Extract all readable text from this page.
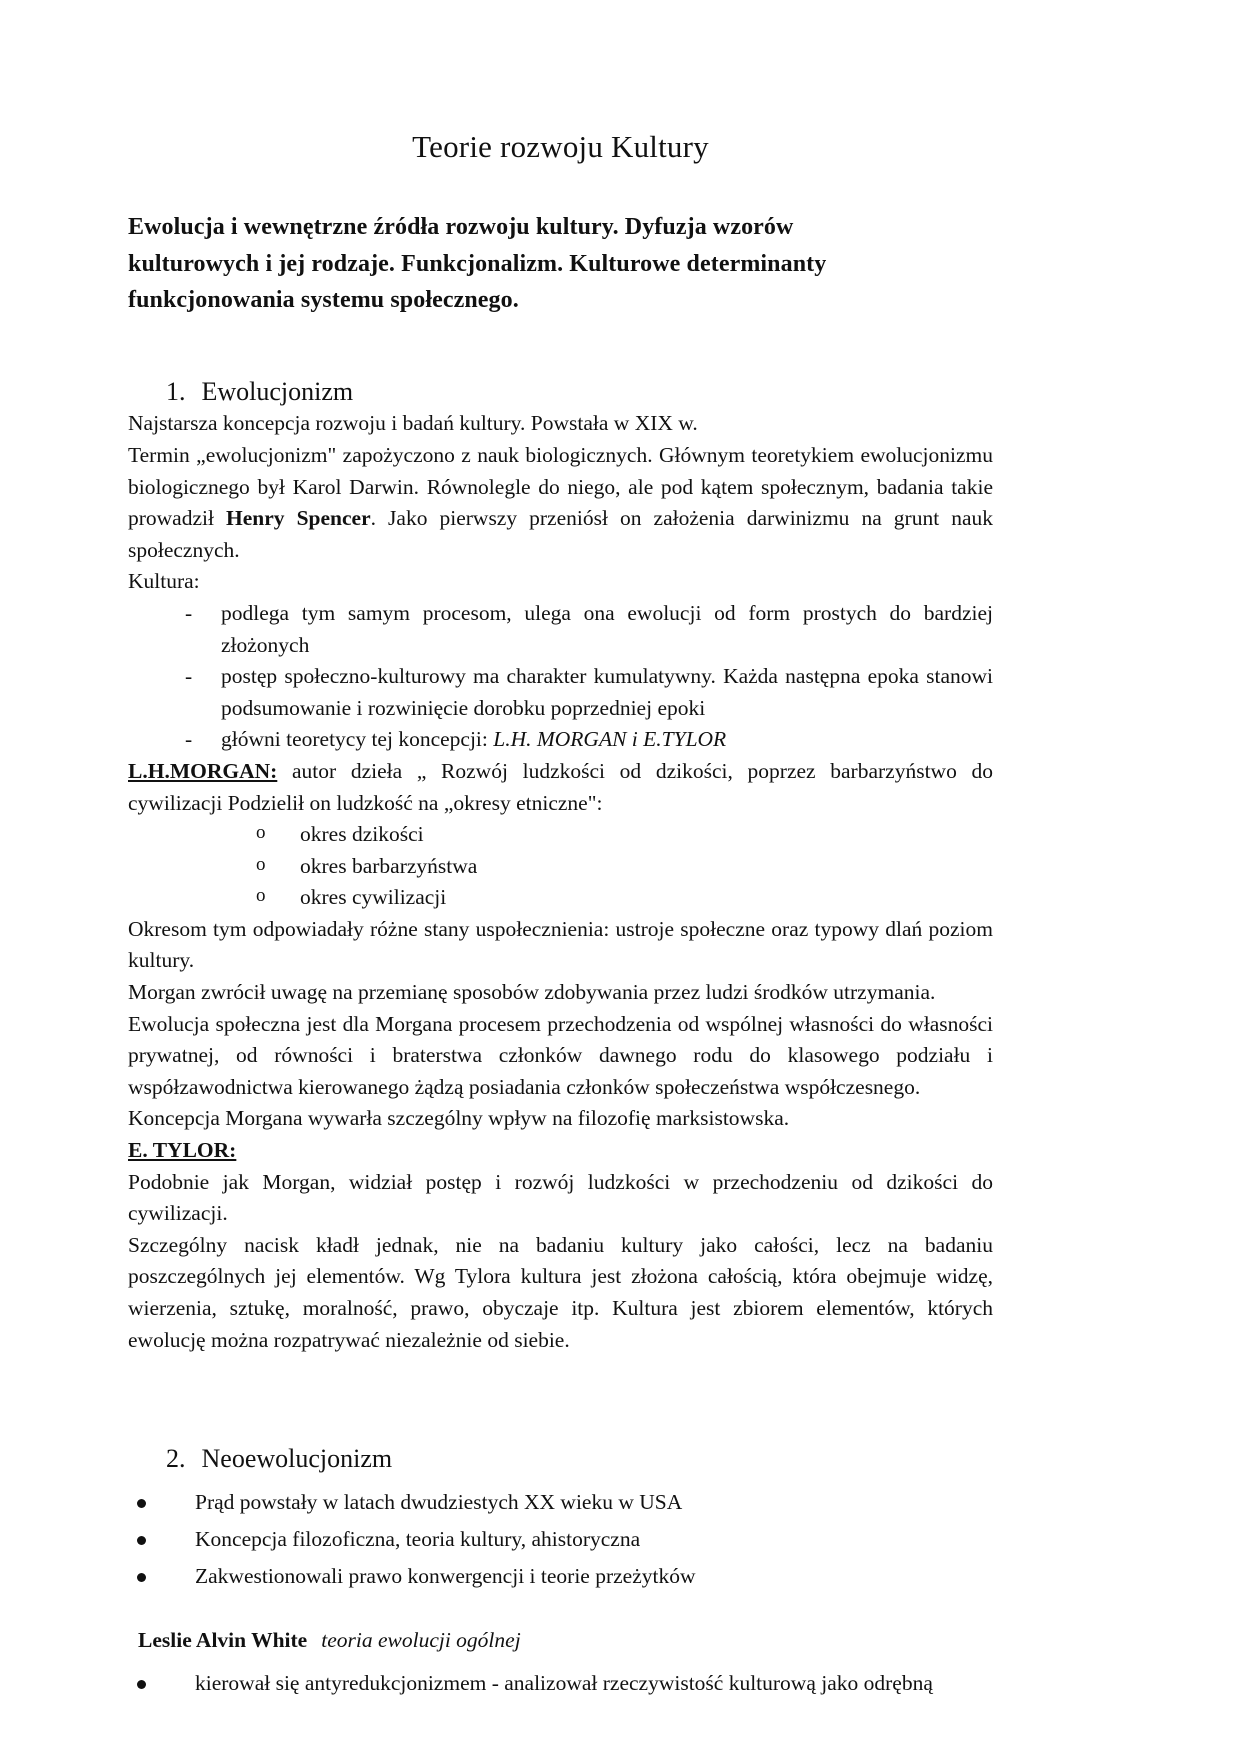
Teorie rozwoju Kultury
Ewolucja i wewnętrzne źródła rozwoju kultury. Dyfuzja wzorów
kulturowych i jej rodzaje. Funkcjonalizm. Kulturowe determinanty
funkcjonowania systemu społecznego.
1. Ewolucjonizm

Najstarsza koncepcja rozwoju i badań kultury. Powstała w XIX w.

Termin „ewolucjonizm" zapożyczono z nauk biologicznych. Głównym teoretykiem ewolucjonizmu biologicznego był Karol Darwin. Równolegle do niego, ale pod kątem społecznym, badania takie prowadził Henry Spencer. Jako pierwszy przeniósł on założenia darwinizmu na grunt nauk społecznych.

Kultura:

- podlega tym samym procesom, ulega ona ewolucji od form prostych do bardziej złożonych
- postęp społeczno-kulturowy ma charakter kumulatywny. Każda następna epoka stanowi podsumowanie i rozwinięcie dorobku poprzedniej epoki
- główni teoretycy tej koncepcji: L.H. MORGAN i E.TYLOR

L.H.MORGAN: autor dzieła „ Rozwój ludzkości od dzikości, poprzez barbarzyństwo do cywilizacji Podzielił on ludzkość na „okresy etniczne":

o okres dzikości
o okres barbarzyństwa
o okres cywilizacji

Okresom tym odpowiadały różne stany uspołecznienia: ustroje społeczne oraz typowy dlań poziom kultury.

Morgan zwrócił uwagę na przemianę sposobów zdobywania przez ludzi środków utrzymania.

Ewolucja społeczna jest dla Morgana procesem przechodzenia od wspólnej własności do własności prywatnej, od równości i braterstwa członków dawnego rodu do klasowego podziału i współzawodnictwa kierowanego żądzą posiadania członków społeczeństwa współczesnego.

Koncepcja Morgana wywarła szczególny wpływ na filozofię marksistowska.

E. TYLOR:

Podobnie jak Morgan, widział postęp i rozwój ludzkości w przechodzeniu od dzikości do cywilizacji.

Szczególny nacisk kładł jednak, nie na badaniu kultury jako całości, lecz na badaniu poszczególnych jej elementów. Wg Tylora kultura jest złożona całością, która obejmuje widzę, wierzenia, sztukę, moralność, prawo, obyczaje itp. Kultura jest zbiorem elementów, których ewolucję można rozpatrywać niezależnie od siebie.

2. Neoewolucjonizm
Prąd powstały w latach dwudziestych XX wieku w USA
Koncepcja filozoficzna, teoria kultury, ahistoryczna
Zakwestionowali prawo konwergencji i teorie przeżytków
Leslie Alvin White teoria ewolucji ogólnej
kierował się antyredukcjonizmem - analizował rzeczywistość kulturową jako odrębną
